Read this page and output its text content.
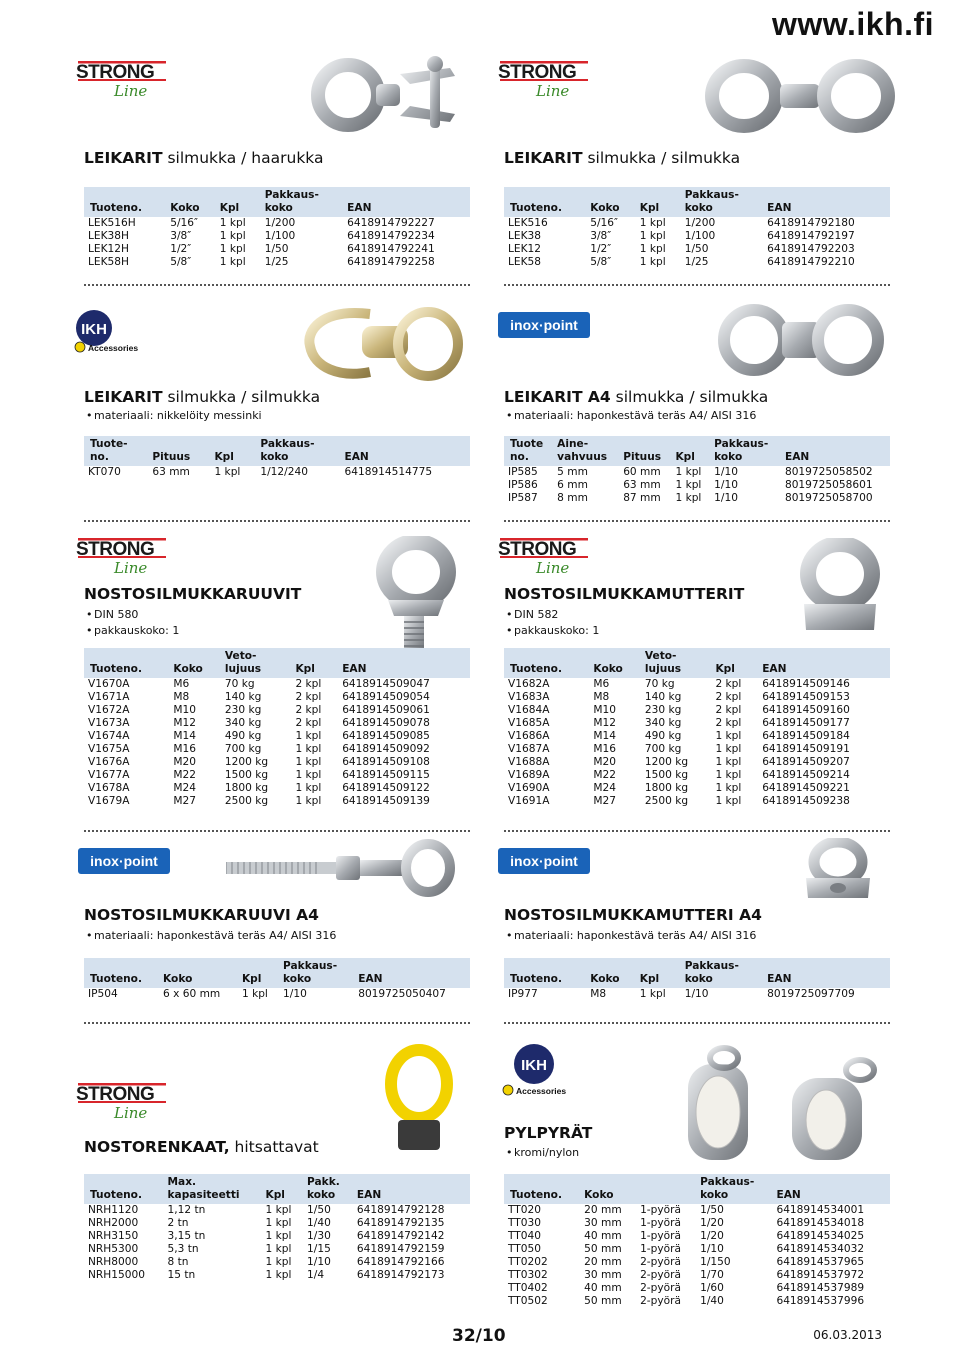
www.ikh.fi
LEIKARIT silmukka / haarukka	LEIKARIT silmukka / silmukka
Tuoteno.	Koko	Kpl	Pakkaus-
koko	EAN
LEK516H	5/16″	1 kpl	1/200	6418914792227
LEK38H	3/8″	1 kpl	1/100	6418914792234
LEK12H	1/2″	1 kpl	1/50	6418914792241
LEK58H	5/8″	1 kpl	1/25	6418914792258
Tuoteno.	Koko	Kpl	Pakkaus-
koko	EAN
LEK516	5/16″	1 kpl	1/200	6418914792180
LEK38	3/8″	1 kpl	1/100	6418914792197
LEK12	1/2″	1 kpl	1/50	6418914792203
LEK58	5/8″	1 kpl	1/25	6418914792210
IKH
Accessories
inox·point
LEIKARIT silmukka / silmukka
• materiaali: nikkelöity messinki
LEIKARIT A4 silmukka / silmukka
• materiaali: haponkestävä teräs A4/ AISI 316
Tuote-
no.	Pituus	Kpl	Pakkaus-
koko	EAN
KT070	63 mm	1 kpl	1/12/240	6418914514775
Tuote
no.	Aine-
vahvuus	Pituus	Kpl	Pakkaus-
koko	EAN
IP585	5 mm	60 mm	1 kpl	1/10	8019725058502
IP586	6 mm	63 mm	1 kpl	1/10	8019725058601
IP587	8 mm	87 mm	1 kpl	1/10	8019725058700
NOSTOSILMUKKARUUVIT
• DIN 580
• pakkauskoko: 1
NOSTOSILMUKKAMUTTERIT
• DIN 582
• pakkauskoko: 1
Tuoteno.	Koko	Veto-
lujuus	Kpl	EAN
V1670A	M6	70 kg	2 kpl	6418914509047
V1671A	M8	140 kg	2 kpl	6418914509054
V1672A	M10	230 kg	2 kpl	6418914509061
V1673A	M12	340 kg	2 kpl	6418914509078
V1674A	M14	490 kg	1 kpl	6418914509085
V1675A	M16	700 kg	1 kpl	6418914509092
V1676A	M20	1200 kg	1 kpl	6418914509108
V1677A	M22	1500 kg	1 kpl	6418914509115
V1678A	M24	1800 kg	1 kpl	6418914509122
V1679A	M27	2500 kg	1 kpl	6418914509139
Tuoteno.	Koko	Veto-
lujuus	Kpl	EAN
V1682A	M6	70 kg	2 kpl	6418914509146
V1683A	M8	140 kg	2 kpl	6418914509153
V1684A	M10	230 kg	2 kpl	6418914509160
V1685A	M12	340 kg	2 kpl	6418914509177
V1686A	M14	490 kg	1 kpl	6418914509184
V1687A	M16	700 kg	1 kpl	6418914509191
V1688A	M20	1200 kg	1 kpl	6418914509207
V1689A	M22	1500 kg	1 kpl	6418914509214
V1690A	M24	1800 kg	1 kpl	6418914509221
V1691A	M27	2500 kg	1 kpl	6418914509238
inox·point	inox·point
NOSTOSILMUKKARUUVI A4
• materiaali: haponkestävä teräs A4/ AISI 316
NOSTOSILMUKKAMUTTERI A4
• materiaali: haponkestävä teräs A4/ AISI 316
Tuoteno.	Koko	Kpl	Pakkaus-
koko	EAN
IP504	6 x 60 mm	1 kpl	1/10	8019725050407
Tuoteno.	Koko	Kpl	Pakkaus-
koko	EAN
IP977	M8	1 kpl	1/10	8019725097709
IKH
Accessories
NOSTORENKAAT, hitsattavat
PYLPYRÄT
• kromi/nylon
Tuoteno.	Max.
kapasiteetti	Kpl	Pakk.
koko	EAN
NRH1120	1,12 tn	1 kpl	1/50	6418914792128
NRH2000	2 tn	1 kpl	1/40	6418914792135
NRH3150	3,15 tn	1 kpl	1/30	6418914792142
NRH5300	5,3 tn	1 kpl	1/15	6418914792159
NRH8000	8 tn	1 kpl	1/10	6418914792166
NRH15000	15 tn	1 kpl	1/4	6418914792173
Tuoteno.	Koko		Pakkaus-
koko	EAN
TT020	20 mm	1-pyörä	1/50	6418914534001
TT030	30 mm	1-pyörä	1/20	6418914534018
TT040	40 mm	1-pyörä	1/20	6418914534025
TT050	50 mm	1-pyörä	1/10	6418914534032
TT0202	20 mm	2-pyörä	1/150	6418914537965
TT0302	30 mm	2-pyörä	1/70	6418914537972
TT0402	40 mm	2-pyörä	1/60	6418914537989
TT0502	50 mm	2-pyörä	1/40	6418914537996
32/10	06.03.2013
